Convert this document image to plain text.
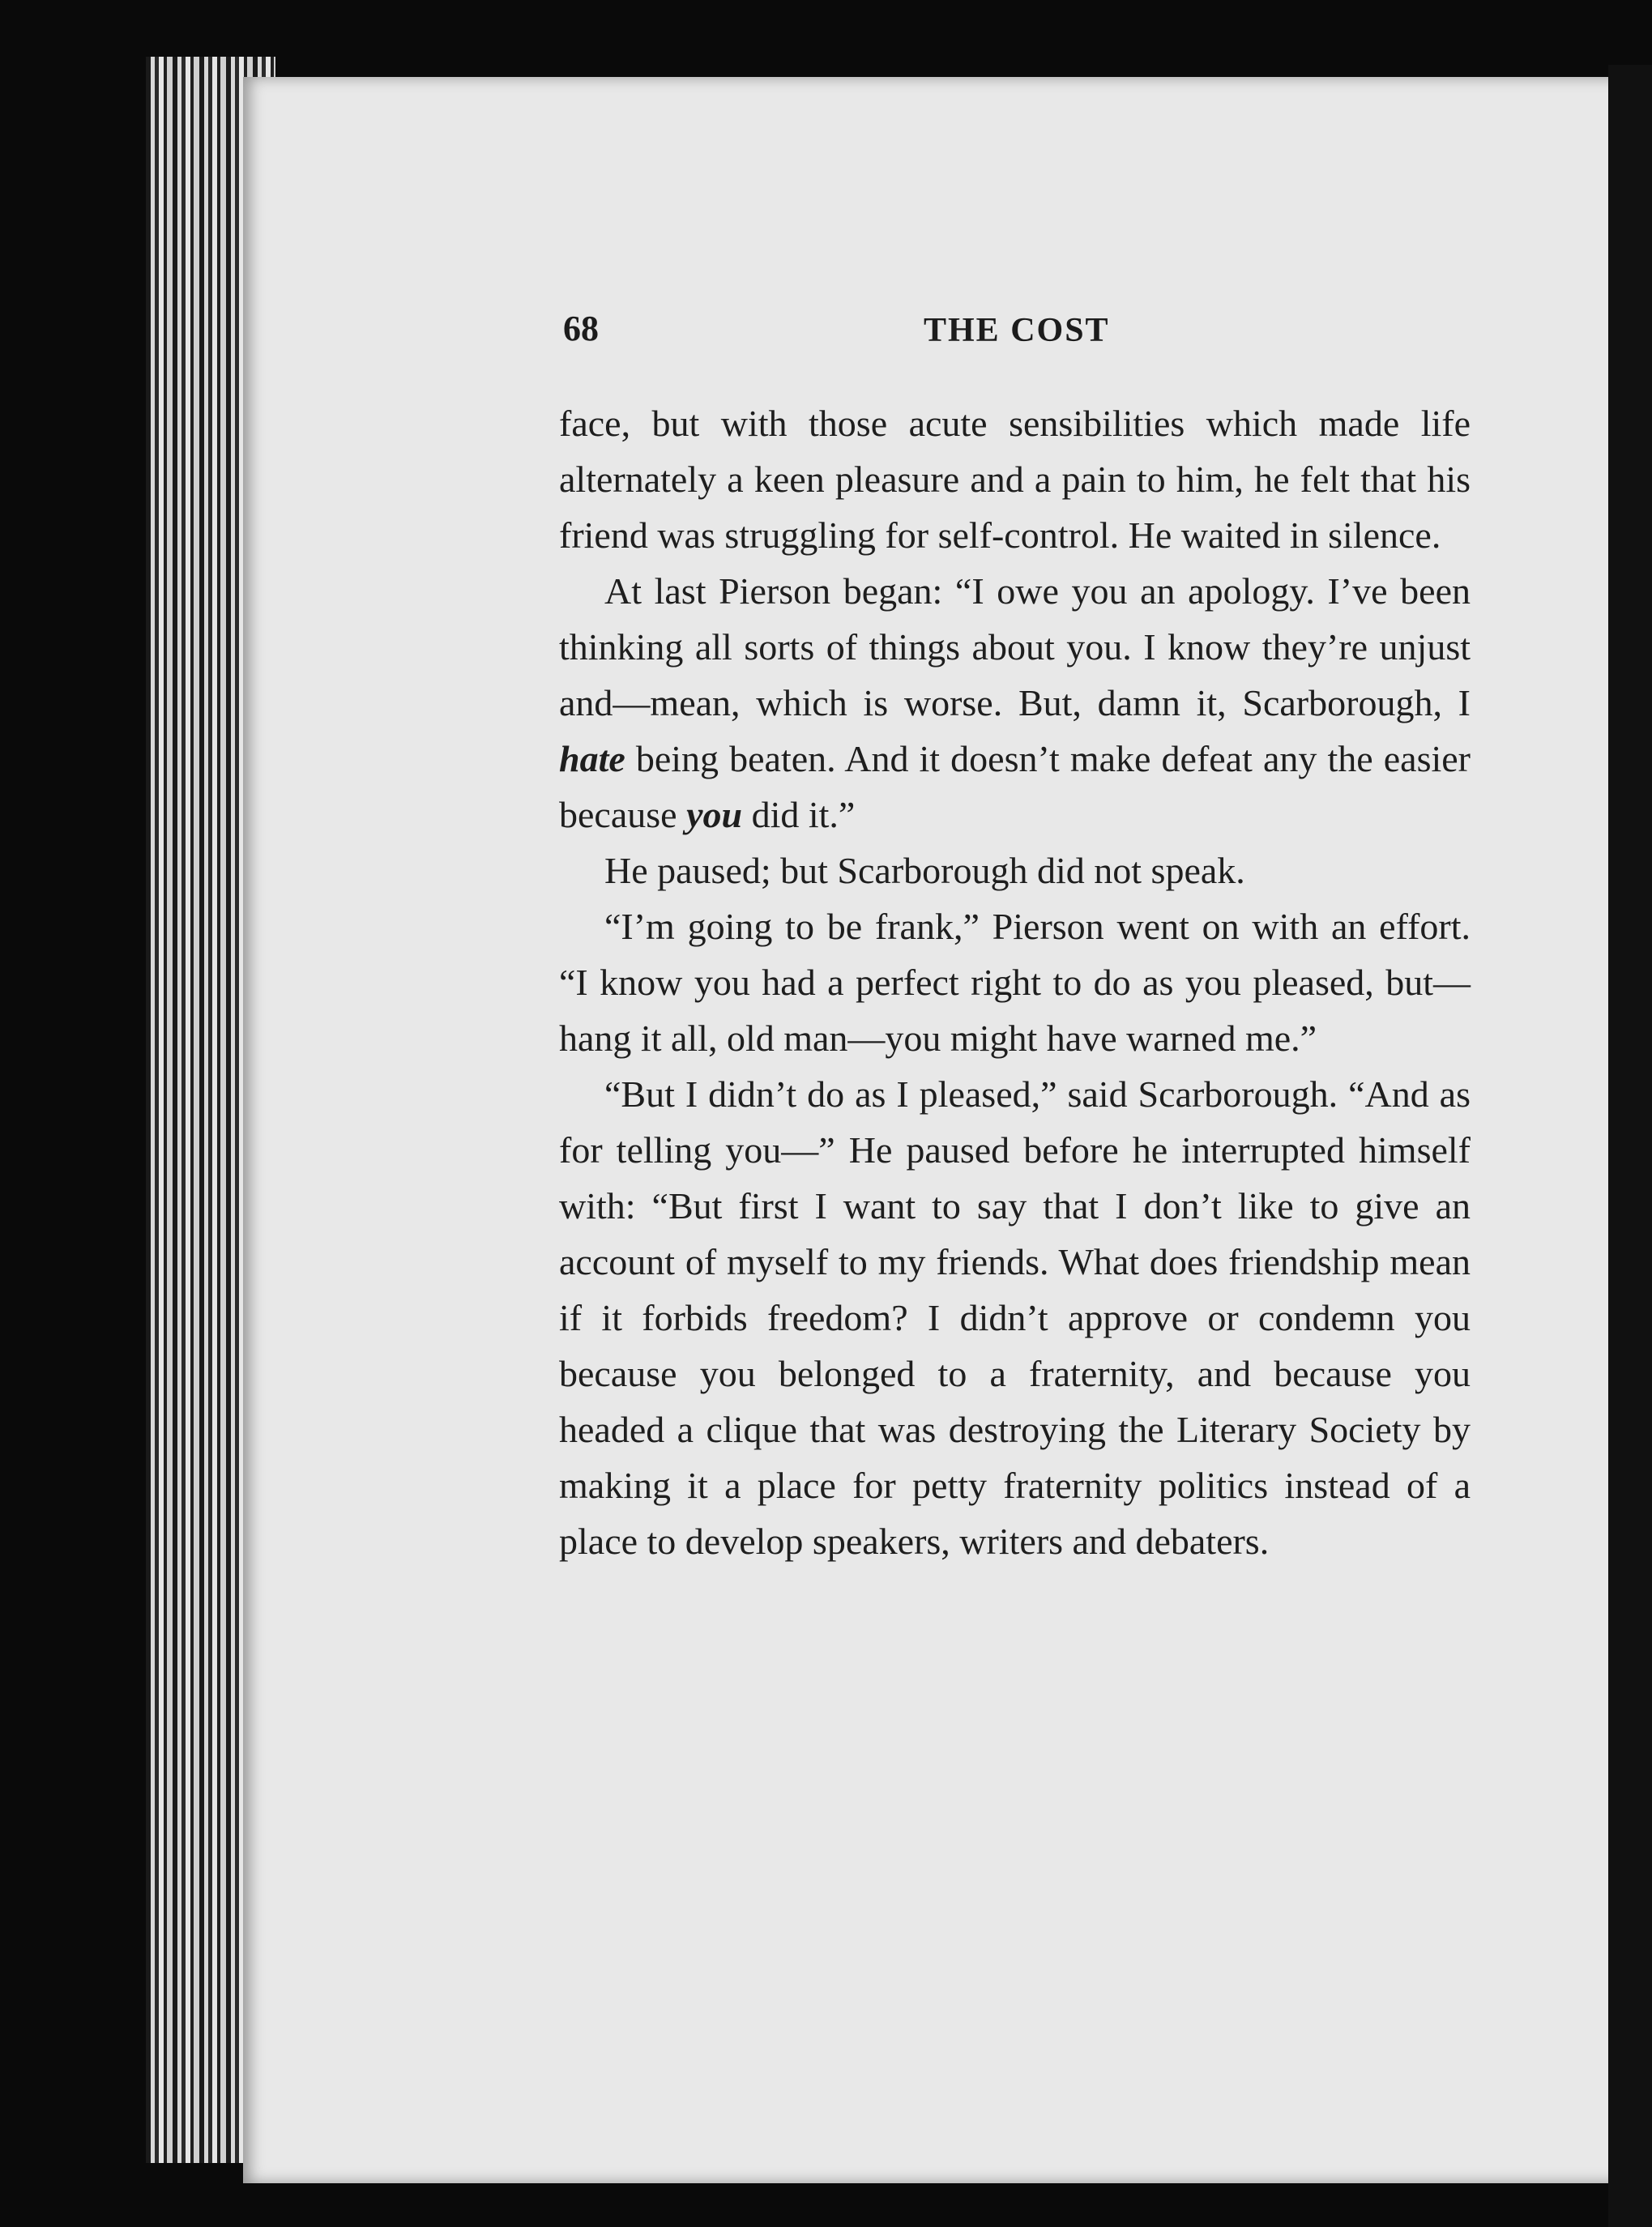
68	THE COST

face, but with those acute sensibilities which made life alternately a keen pleasure and a pain to him, he felt that his friend was struggling for self-control. He waited in silence.

At last Pierson began: “I owe you an apology. I’ve been thinking all sorts of things about you. I know they’re unjust and—mean, which is worse. But, damn it, Scarborough, I hate being beaten. And it doesn’t make defeat any the easier because you did it.”

He paused; but Scarborough did not speak.

“I’m going to be frank,” Pierson went on with an effort. “I know you had a perfect right to do as you pleased, but—hang it all, old man—you might have warned me.”

“But I didn’t do as I pleased,” said Scarborough. “And as for telling you—” He paused before he interrupted himself with: “But first I want to say that I don’t like to give an account of myself to my friends. What does friendship mean if it forbids freedom? I didn’t approve or condemn you because you belonged to a fraternity, and because you headed a clique that was destroying the Literary Society by making it a place for petty fraternity politics instead of a place to develop speakers, writers and debaters.
